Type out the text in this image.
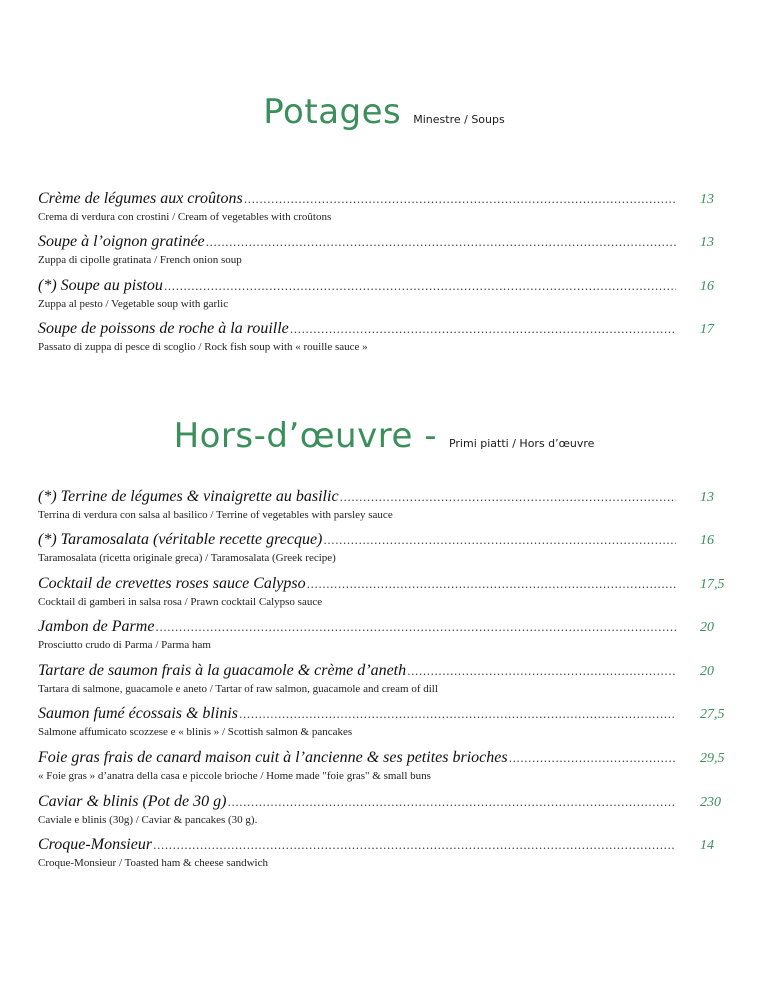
Potages Minestre / Soups
Crème de légumes aux croûtons .....	13
Crema di verdura con crostini / Cream of vegetables with croûtons
Soupe à l’oignon gratinée .....	13
Zuppa di cipolle gratinata / French onion soup
(*) Soupe au pistou .....	16
Zuppa al pesto / Vegetable soup with garlic
Soupe de poissons de roche à la rouille .....	17
Passato di zuppa di pesce di scoglio / Rock fish soup with « rouille sauce »
Hors-d’œuvre - Primi piatti / Hors d’œuvre
(*) Terrine de légumes & vinaigrette au basilic .....	13
Terrina di verdura con salsa al basilico / Terrine of vegetables with parsley sauce
(*) Taramosalata (véritable recette grecque) .....	16
Taramosalata (ricetta originale greca) / Taramosalata (Greek recipe)
Cocktail de crevettes roses sauce Calypso .....	17,5
Cocktail di gamberi in salsa rosa / Prawn cocktail Calypso sauce
Jambon de Parme .....	20
Prosciutto crudo di Parma / Parma ham
Tartare de saumon frais à la guacamole & crème d’aneth .....	20
Tartara di salmone, guacamole e aneto / Tartar of raw salmon, guacamole and cream of dill
Saumon fumé écossais & blinis .....	27,5
Salmone affumicato scozzese e « blinis » / Scottish salmon & pancakes
Foie gras frais de canard maison cuit à l’ancienne & ses petites brioches .....	29,5
« Foie gras » d’anatra della casa e piccole brioche / Home made "foie gras" & small buns
Caviar & blinis (Pot de 30 g) .....	230
Caviale e blinis (30g) / Caviar & pancakes (30 g).
Croque-Monsieur .....	14
Croque-Monsieur / Toasted ham & cheese sandwich
